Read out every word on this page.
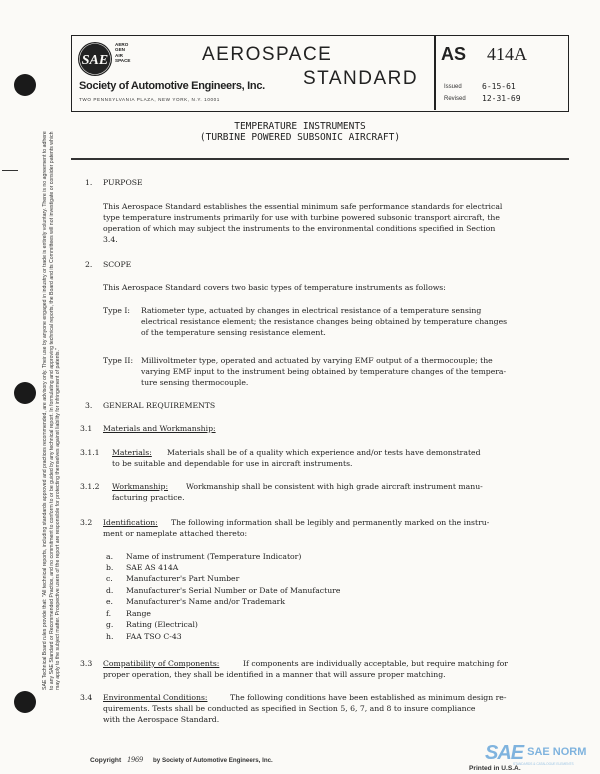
SAE Technical Board rules provide that: "All technical reports, including standards approved and practices recommended, are advisory only. Their use by anyone engaged in industry or trade is entirely voluntary. There is no agreement to adhere to any SAE Standard or Recommended Practice, and no commitment to conform to or be guided by any technical report. In formulating and approving technical reports, the Board and its Committees will not investigate or consider patents which may apply to the subject matter. Prospective users of the report are responsible for protecting themselves against liability for infringement of patents."
SAE
AERO
GEN
AIR
SPACE
Society of Automotive Engineers, Inc.
TWO PENNSYLVANIA PLAZA, NEW YORK, N.Y. 10001
AEROSPACE
STANDARD
AS 414A
Issued	6-15-61
Revised 12-31-69
TEMPERATURE INSTRUMENTS
(TURBINE POWERED SUBSONIC AIRCRAFT)
1. PURPOSE
This Aerospace Standard establishes the essential minimum safe performance standards for electrical
type temperature instruments primarily for use with turbine powered subsonic transport aircraft, the
operation of which may subject the instruments to the environmental conditions specified in Section
3.4.
2. SCOPE
This Aerospace Standard covers two basic types of temperature instruments as follows:
Type I: Ratiometer type, actuated by changes in electrical resistance of a temperature sensing
electrical resistance element; the resistance changes being obtained by temperature changes
of the temperature sensing resistance element.
Type II: Millivoltmeter type, operated and actuated by varying EMF output of a thermocouple; the
varying EMF input to the instrument being obtained by temperature changes of the tempera-
ture sensing thermocouple.
3. GENERAL REQUIREMENTS
3.1 Materials and Workmanship:
3.1.1 Materials: Materials shall be of a quality which experience and/or tests have demonstrated
to be suitable and dependable for use in aircraft instruments.
3.1.2 Workmanship: Workmanship shall be consistent with high grade aircraft instrument manu-
facturing practice.
3.2 Identification: The following information shall be legibly and permanently marked on the instru-
ment or nameplate attached thereto:
a. Name of instrument (Temperature Indicator)
b. SAE AS 414A
c. Manufacturer's Part Number
d. Manufacturer's Serial Number or Date of Manufacture
e. Manufacturer's Name and/or Trademark
f. Range
g. Rating (Electrical)
h. FAA TSO C-43
3.3 Compatibility of Components:	If components are individually acceptable, but require matching for
proper operation, they shall be identified in a manner that will assure proper matching.
3.4 Environmental Conditions:	The following conditions have been established as minimum design re-
quirements. Tests shall be conducted as specified in Section 5, 6, 7, and 8 to insure compliance
with the Aerospace Standard.
Copyright 1969 by Society of Automotive Engineers, Inc.
Printed in U.S.A.
SAE $^{SAE NORM}$
STANDARDS & CATALOGUE ELEMENTS
